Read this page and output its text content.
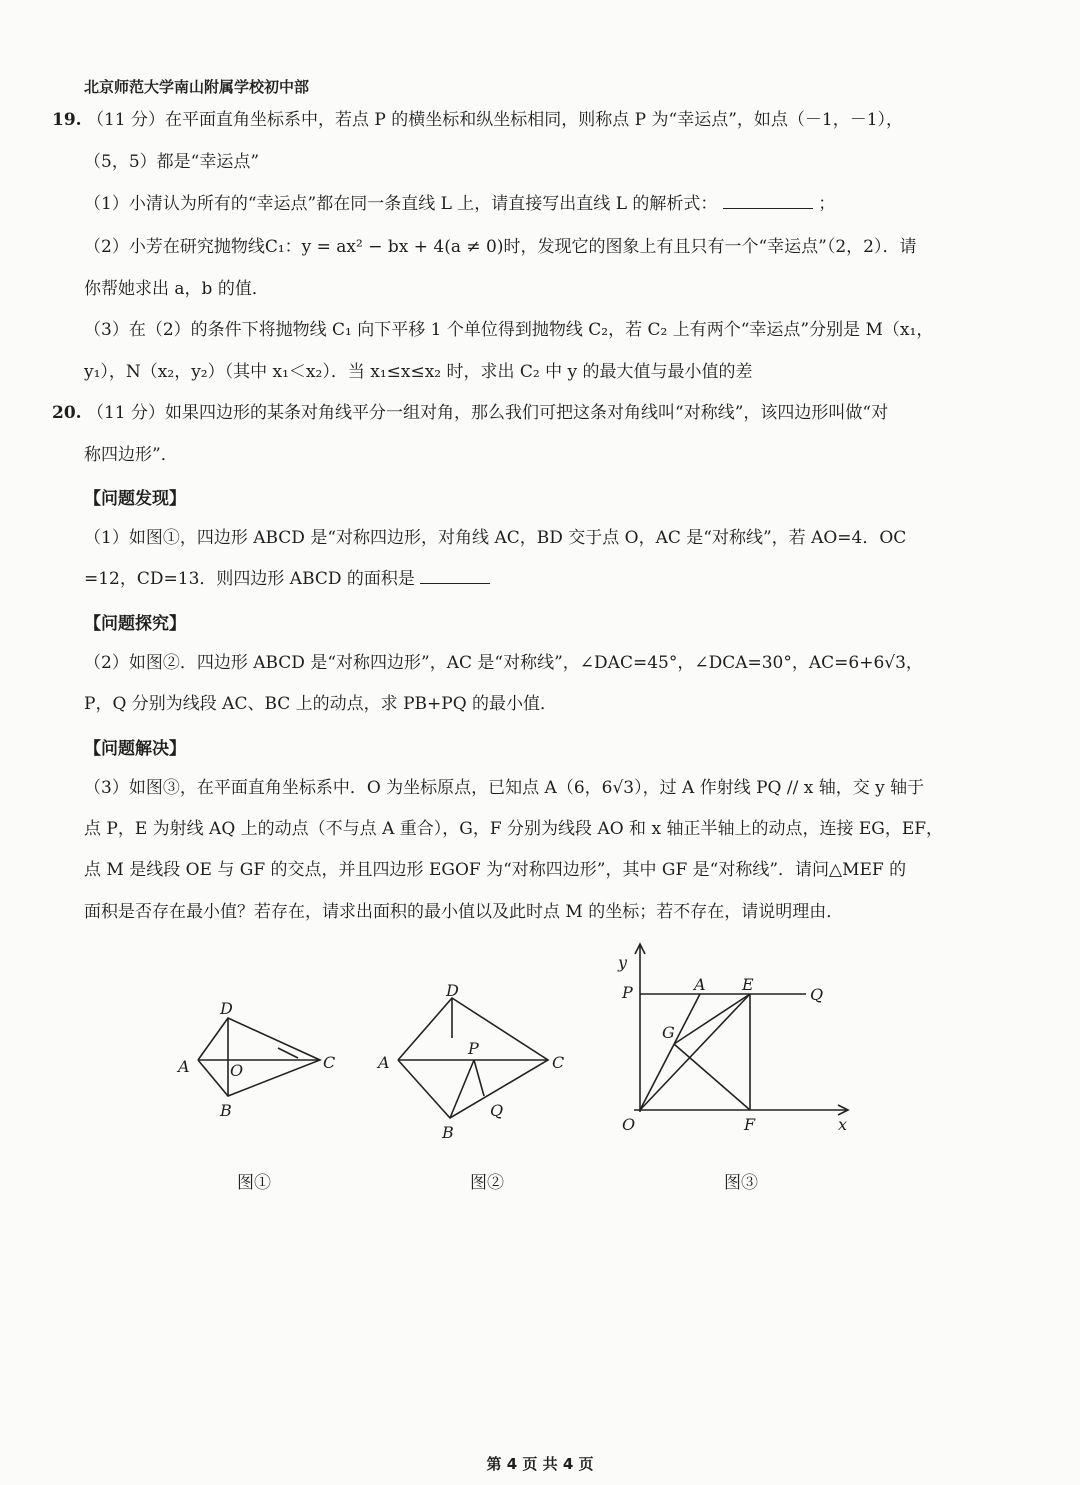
北京师范大学南山附属学校初中部
19. （11 分）在平面直角坐标系中，若点 P 的横坐标和纵坐标相同，则称点 P 为“幸运点”，如点（－1，－1），
（5，5）都是“幸运点”
（1）小清认为所有的“幸运点”都在同一条直线 L 上，请直接写出直线 L 的解析式：	；
（2）小芳在研究抛物线C₁：y = ax² − bx + 4(a ≠ 0)时，发现它的图象上有且只有一个“幸运点”（2，2）．请
你帮她求出 a，b 的值．
（3）在（2）的条件下将抛物线 C₁ 向下平移 1 个单位得到抛物线 C₂，若 C₂ 上有两个“幸运点”分别是 M（x₁，
y₁），N（x₂，y₂）（其中 x₁＜x₂）．当 x₁≤x≤x₂ 时，求出 C₂ 中 y 的最大值与最小值的差
20. （11 分）如果四边形的某条对角线平分一组对角，那么我们可把这条对角线叫“对称线”，该四边形叫做“对
称四边形”．
【问题发现】
（1）如图①，四边形 ABCD 是“对称四边形，对角线 AC，BD 交于点 O，AC 是“对称线”，若 AO=4．OC
=12，CD=13．则四边形 ABCD 的面积是
【问题探究】
（2）如图②．四边形 ABCD 是“对称四边形”，AC 是“对称线”，∠DAC=45°，∠DCA=30°，AC=6+6√3，
P，Q 分别为线段 AC、BC 上的动点，求 PB+PQ 的最小值．
【问题解决】
（3）如图③，在平面直角坐标系中．O 为坐标原点，已知点 A（6，6√3），过 A 作射线 PQ // x 轴，交 y 轴于
点 P，E 为射线 AQ 上的动点（不与点 A 重合），G，F 分别为线段 AO 和 x 轴正半轴上的动点，连接 EG，EF，
点 M 是线段 OE 与 GF 的交点，并且四边形 EGOF 为“对称四边形”，其中 GF 是“对称线”．请问△MEF 的
面积是否存在最小值？若存在，请求出面积的最小值以及此时点 M 的坐标；若不存在，请说明理由．
D
A	O	C
B
图①
D
A
P
C
Q
B
图②
y
P	A E
Q
G
O	F	x
图③
第 4 页 共 4 页
